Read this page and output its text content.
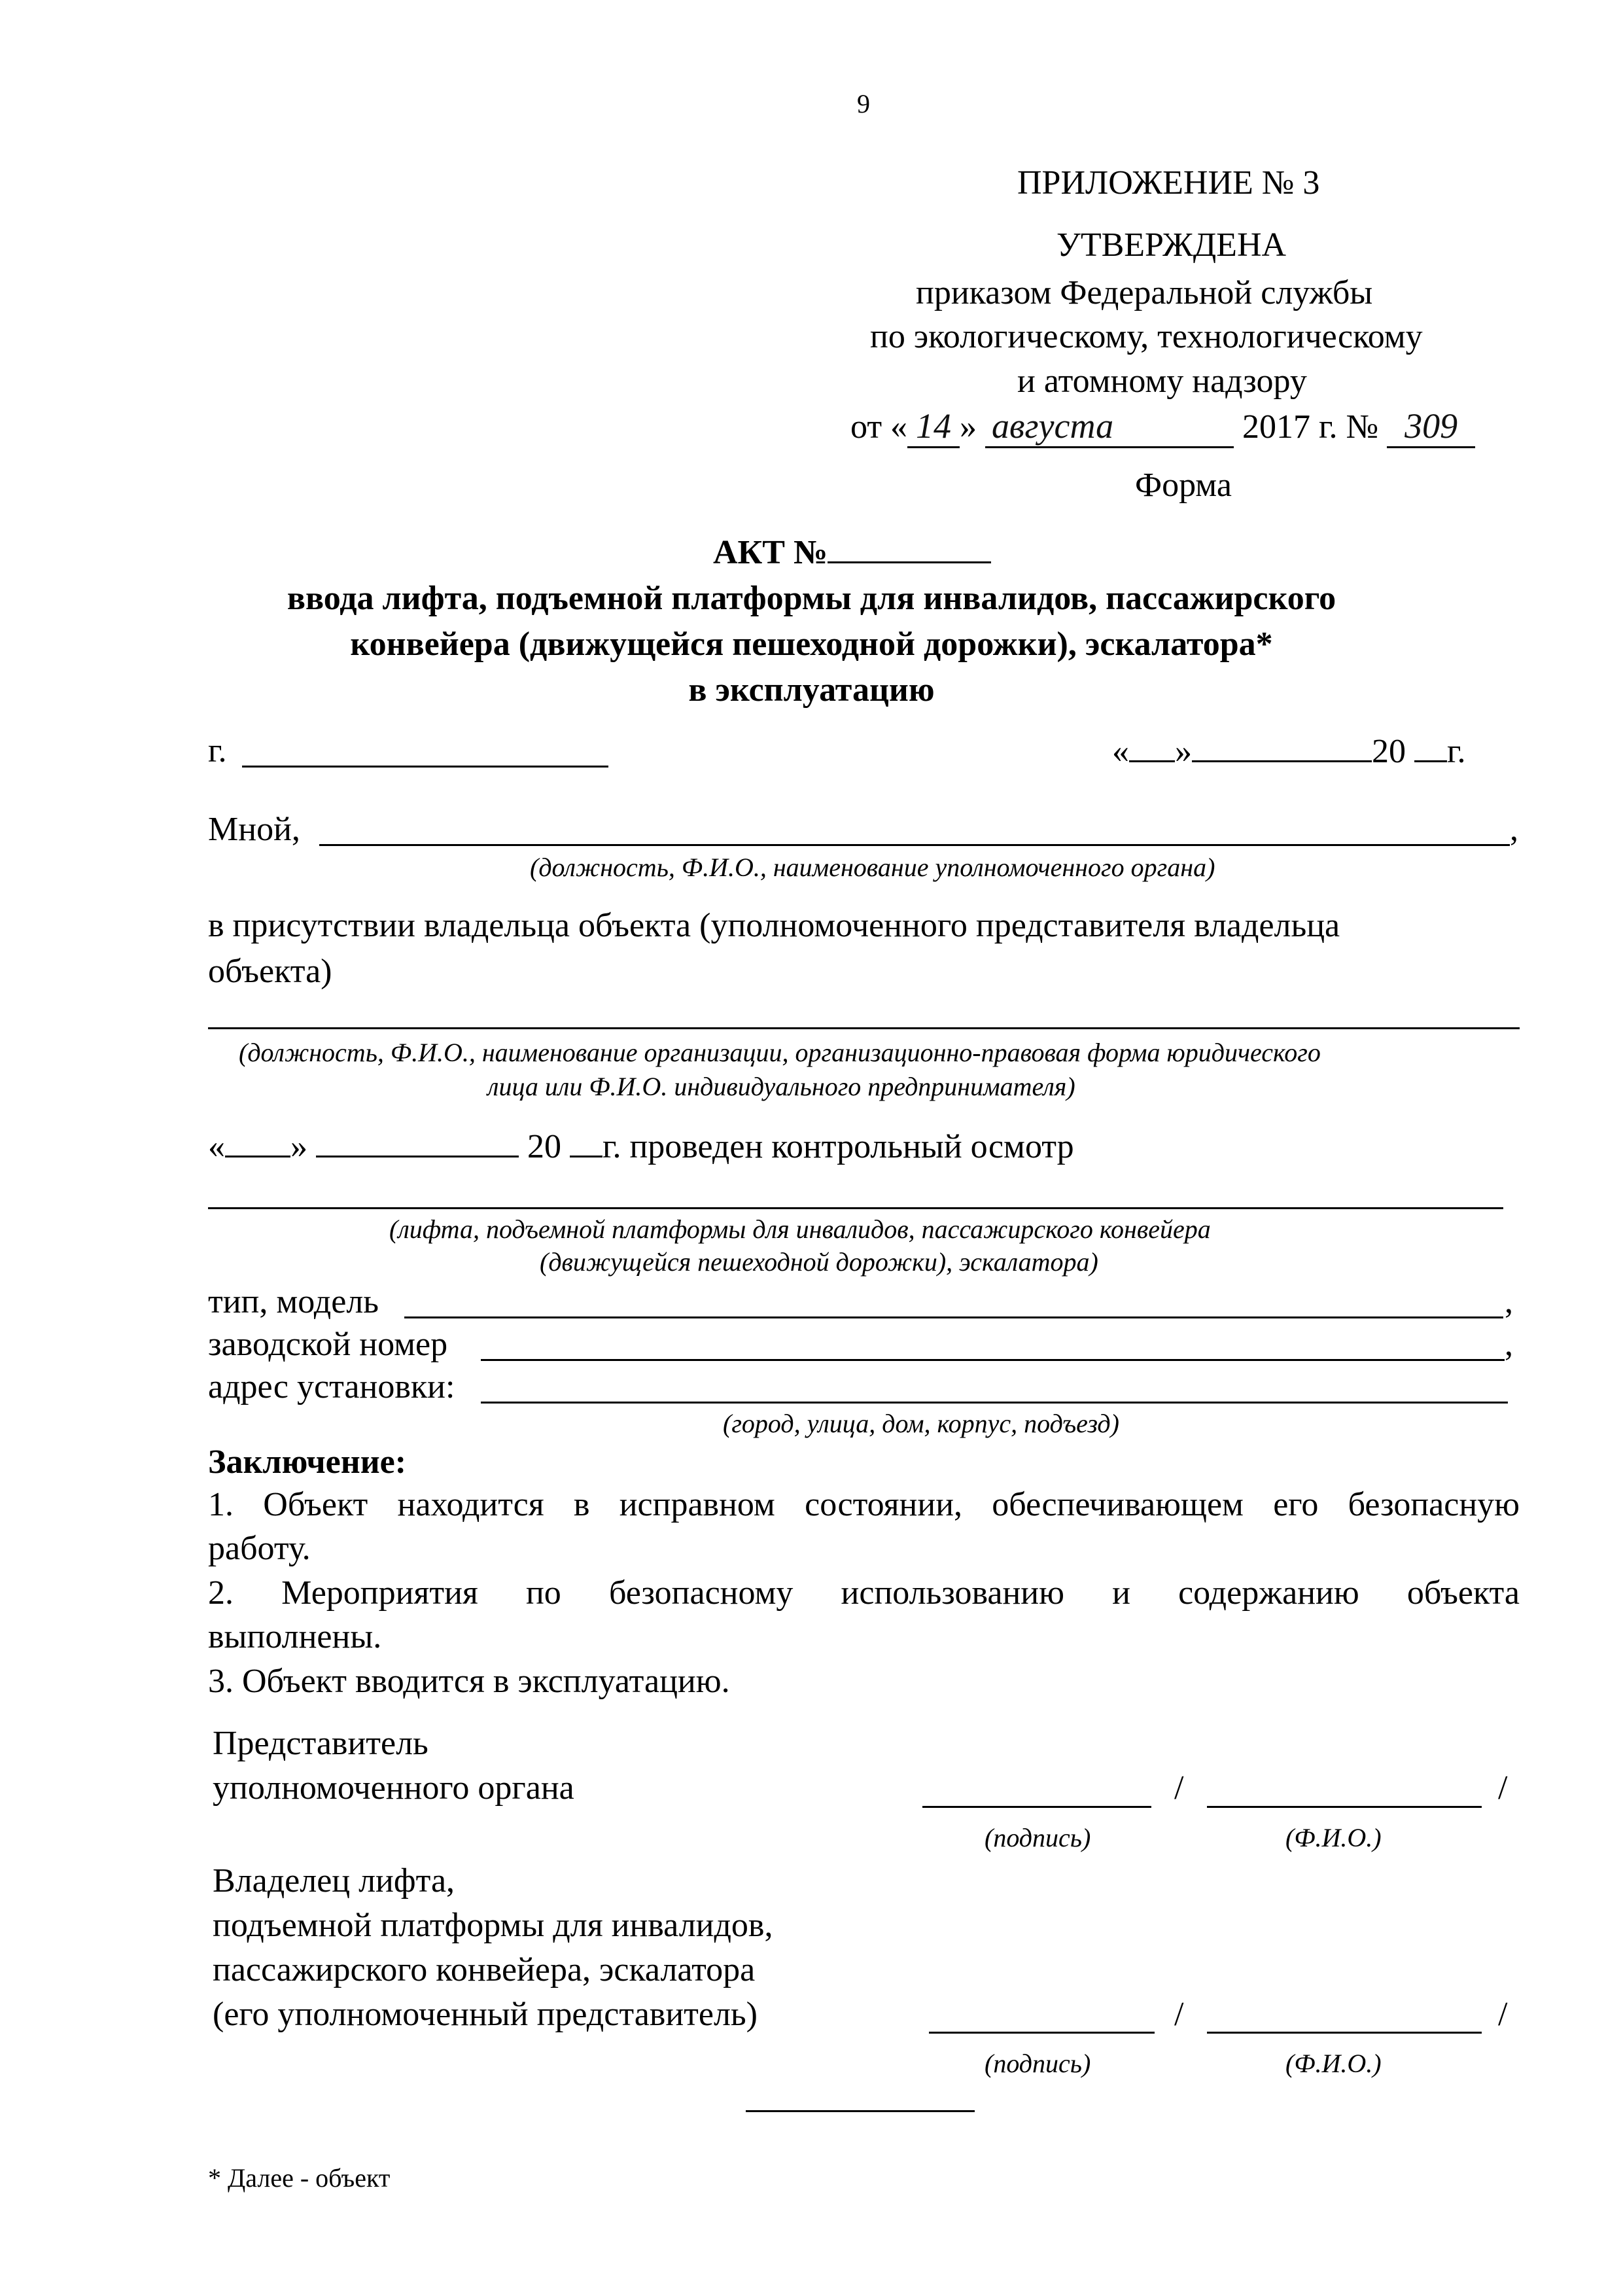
9
ПРИЛОЖЕНИЕ № 3
УТВЕРЖДЕНА
приказом Федеральной службы
по экологическому, технологическому
и атомному надзору
от « 14 » августа	2017 г. № 309
Форма
АКТ №
ввода лифта, подъемной платформы для инвалидов, пассажирского
конвейера (движущейся пешеходной дорожки), эскалатора*
в эксплуатацию
г.	« »	20 г.
Мной,	,
(должность, Ф.И.О., наименование уполномоченного органа)
в присутствии владельца объекта (уполномоченного представителя владельца
объекта)
(должность, Ф.И.О., наименование организации, организационно-правовая форма юридического
лица или Ф.И.О. индивидуального предпринимателя)
« »	20 г. проведен контрольный осмотр
(лифта, подъемной платформы для инвалидов, пассажирского конвейера
(движущейся пешеходной дорожки), эскалатора)
тип, модель	,
заводской номер	,
адрес установки:
(город, улица, дом, корпус, подъезд)
Заключение:
1. Объект находится в исправном состоянии, обеспечивающем его безопасную
работу.
2. Мероприятия по безопасному использованию и содержанию объекта
выполнены.
3. Объект вводится в эксплуатацию.
Представитель
уполномоченного органа	/	/
(подпись)	(Ф.И.О.)
Владелец лифта,
подъемной платформы для инвалидов,
пассажирского конвейера, эскалатора
(его уполномоченный представитель)	/	/
(подпись)	(Ф.И.О.)
* Далее - объект
